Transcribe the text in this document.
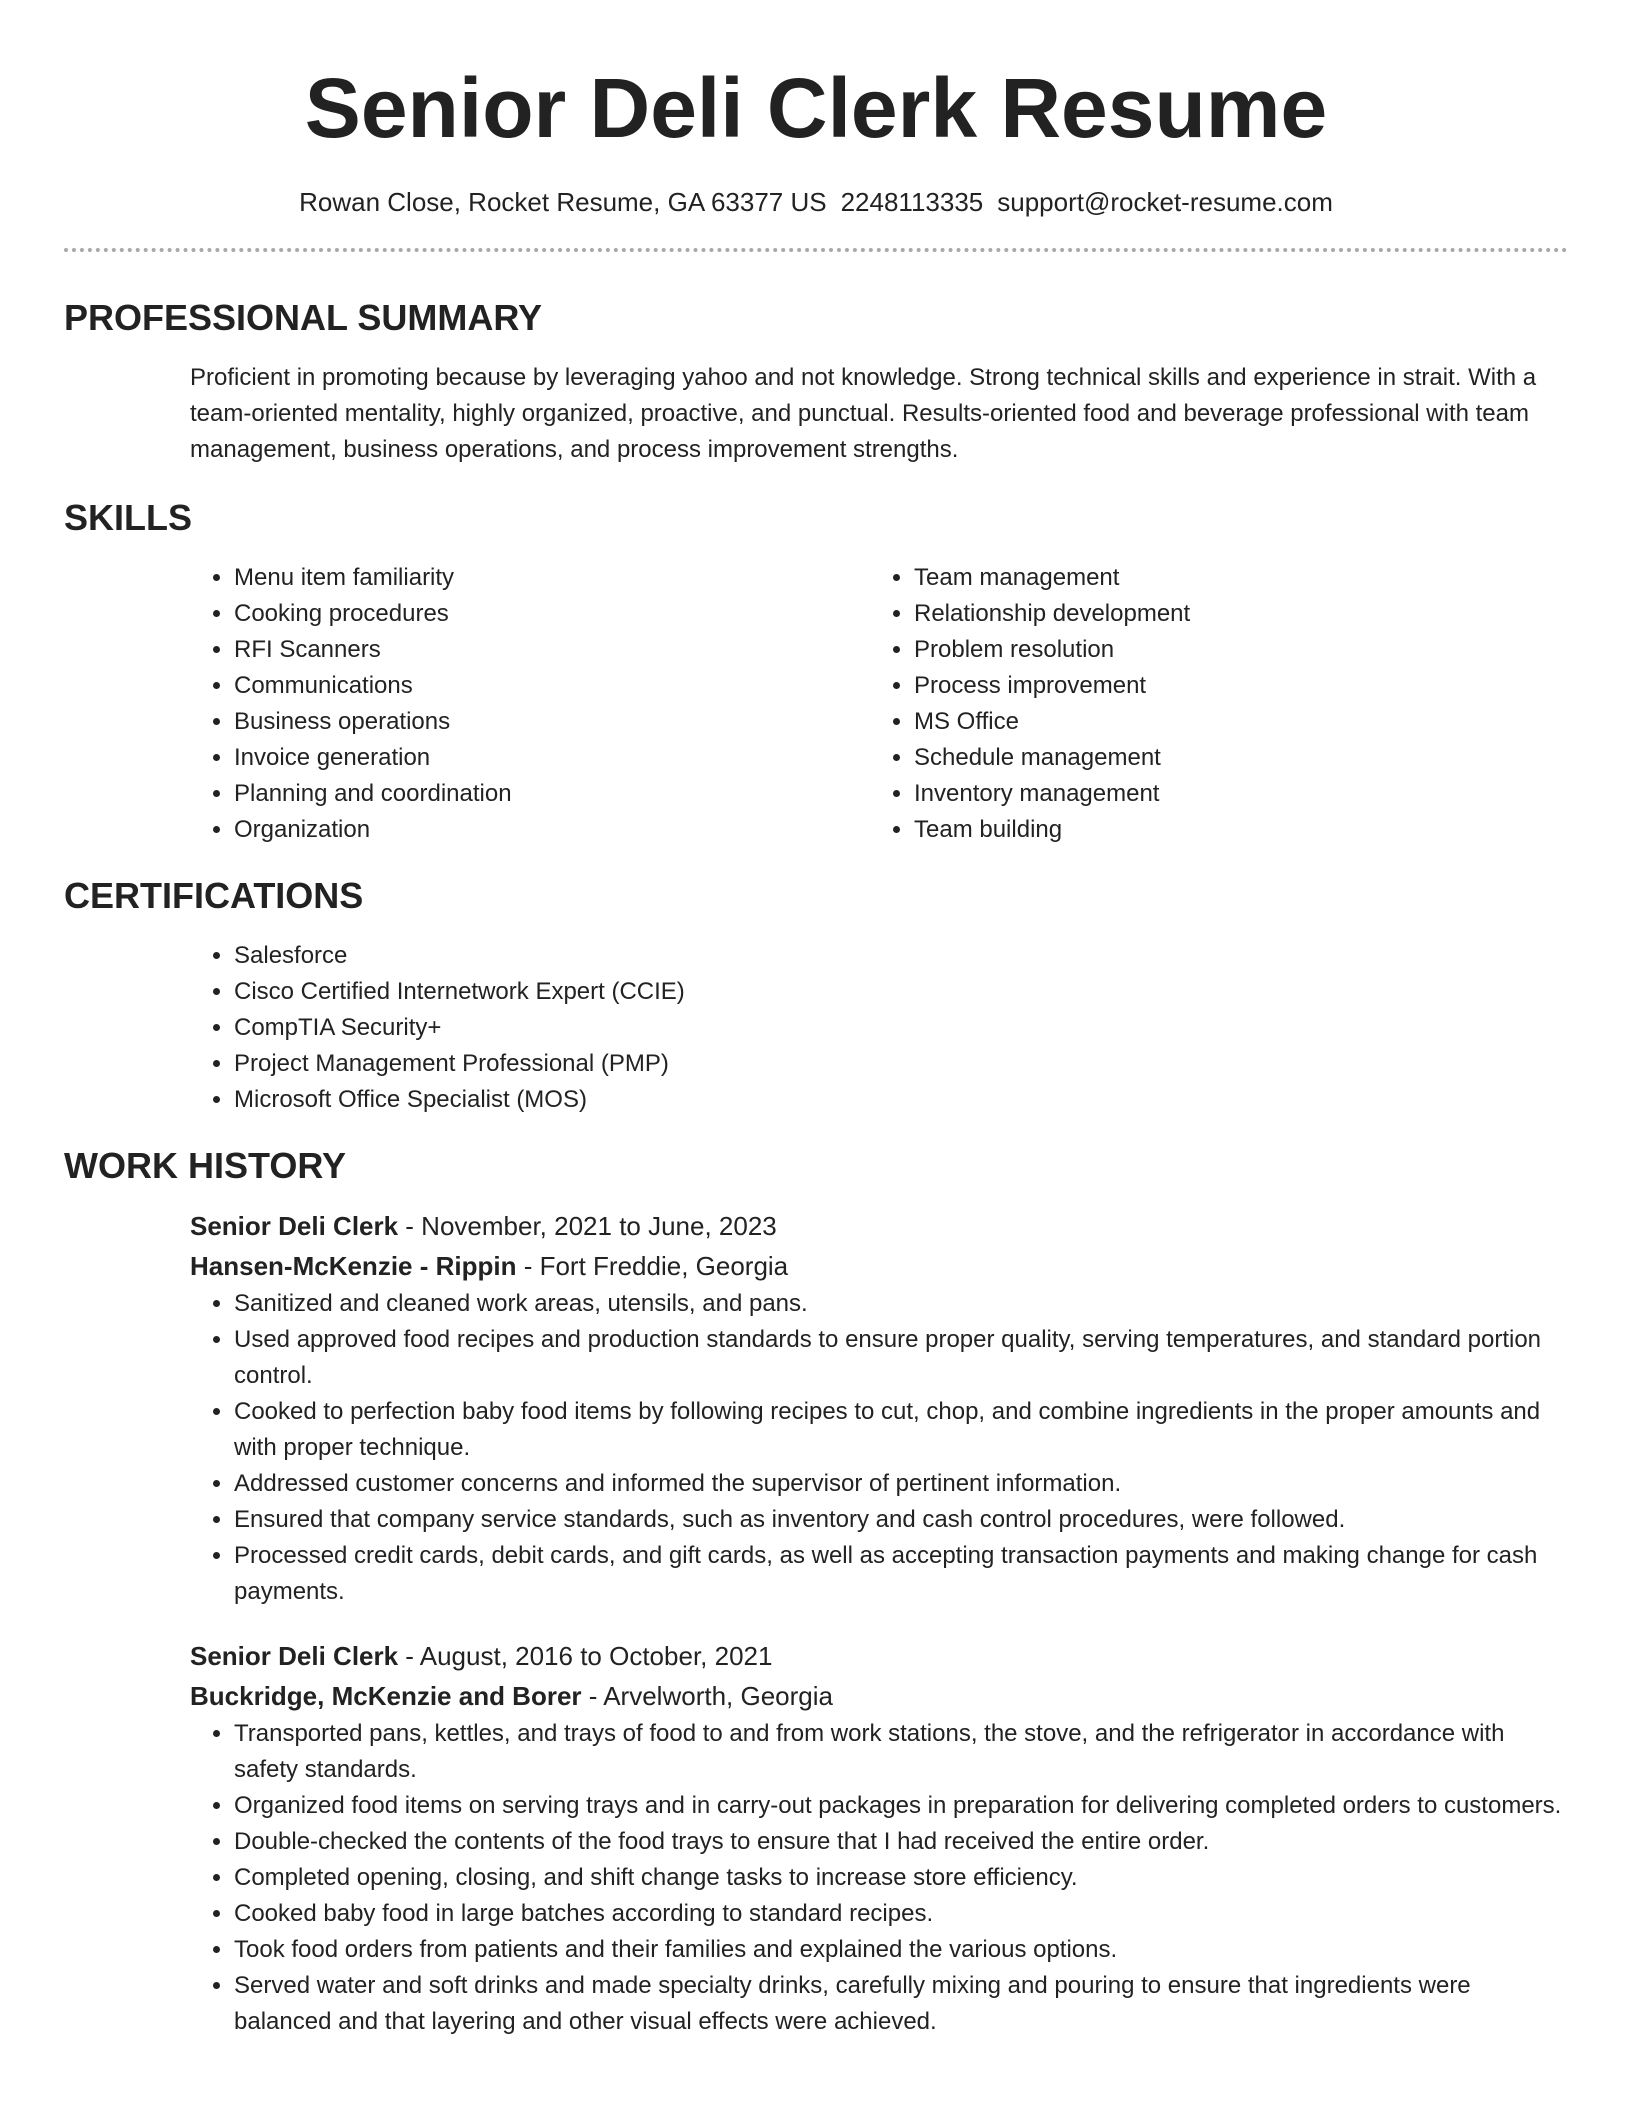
Senior Deli Clerk Resume
Rowan Close, Rocket Resume, GA 63377 US 2248113335 support@rocket-resume.com
PROFESSIONAL SUMMARY

Proficient in promoting because by leveraging yahoo and not knowledge. Strong technical skills and experience in strait. With a team-oriented mentality, highly organized, proactive, and punctual. Results-oriented food and beverage professional with team management, business operations, and process improvement strengths.

SKILLS
• Menu item familiarity
• Cooking procedures
• RFI Scanners
• Communications
• Business operations
• Invoice generation
• Planning and coordination
• Organization
• Team management
• Relationship development
• Problem resolution
• Process improvement
• MS Office
• Schedule management
• Inventory management
• Team building
CERTIFICATIONS
• Salesforce
• Cisco Certified Internetwork Expert (CCIE)
• CompTIA Security+
• Project Management Professional (PMP)
• Microsoft Office Specialist (MOS)
WORK HISTORY
Senior Deli Clerk - November, 2021 to June, 2023
Hansen-McKenzie - Rippin - Fort Freddie, Georgia
• Sanitized and cleaned work areas, utensils, and pans.
• Used approved food recipes and production standards to ensure proper quality, serving temperatures, and standard portion control.
• Cooked to perfection baby food items by following recipes to cut, chop, and combine ingredients in the proper amounts and with proper technique.
• Addressed customer concerns and informed the supervisor of pertinent information.
• Ensured that company service standards, such as inventory and cash control procedures, were followed.
• Processed credit cards, debit cards, and gift cards, as well as accepting transaction payments and making change for cash payments.
Senior Deli Clerk - August, 2016 to October, 2021
Buckridge, McKenzie and Borer - Arvelworth, Georgia
• Transported pans, kettles, and trays of food to and from work stations, the stove, and the refrigerator in accordance with safety standards.
• Organized food items on serving trays and in carry-out packages in preparation for delivering completed orders to customers.
• Double-checked the contents of the food trays to ensure that I had received the entire order.
• Completed opening, closing, and shift change tasks to increase store efficiency.
• Cooked baby food in large batches according to standard recipes.
• Took food orders from patients and their families and explained the various options.
• Served water and soft drinks and made specialty drinks, carefully mixing and pouring to ensure that ingredients were balanced and that layering and other visual effects were achieved.
